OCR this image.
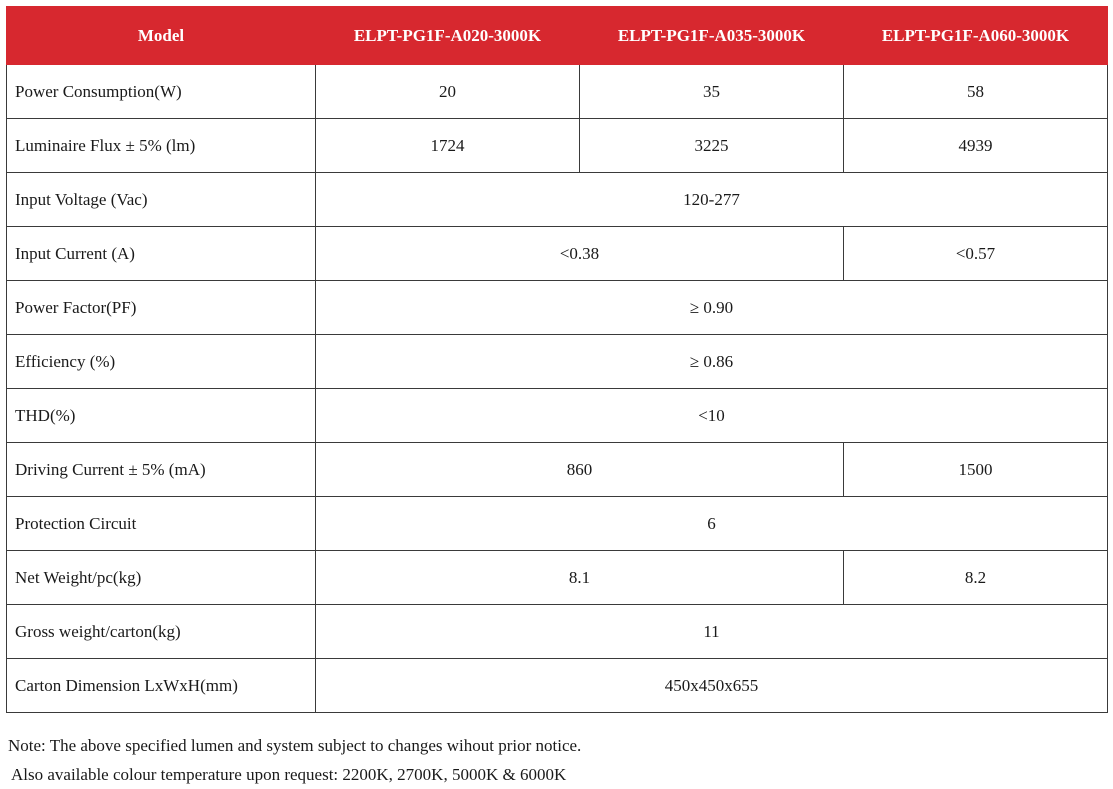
Model	ELPT-PG1F-A020-3000K	ELPT-PG1F-A035-3000K	ELPT-PG1F-A060-3000K
Power Consumption(W)	20	35	58
Luminaire Flux ± 5% (lm)	1724	3225	4939
Input Voltage (Vac)	120-277		
Input Current (A)	<0.38		<0.57
Power Factor(PF)	≥ 0.90		
Efficiency (%)	≥ 0.86		
THD(%)	<10		
Driving Current ± 5% (mA)	860		1500
Protection Circuit	6		
Net Weight/pc(kg)	8.1		8.2
Gross weight/carton(kg)	11		
Carton Dimension LxWxH(mm)	450x450x655		
Note: The above specified lumen and system subject to changes wihout prior notice.
Also available colour temperature upon request: 2200K, 2700K, 5000K & 6000K
